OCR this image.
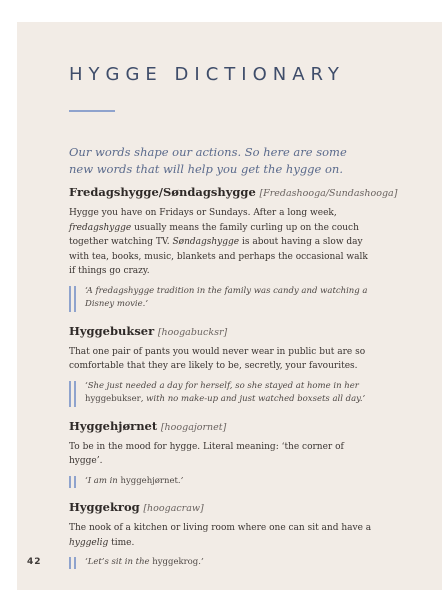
HYGGE DICTIONARY
Our words shape our actions. So here are some new words that will help you get the hygge on.
Fredagshygge/Søndagshygge [Fredashooga/Sundashooga]
Hygge you have on Fridays or Sundays. After a long week, fredagshygge usually means the family curling up on the couch together watching TV. Søndagshygge is about having a slow day with tea, books, music, blankets and perhaps the occasional walk if things go crazy.
‘A fredagshygge tradition in the family was candy and watching a Disney movie.’
Hyggebukser [hoogabucksr]
That one pair of pants you would never wear in public but are so comfortable that they are likely to be, secretly, your favourites.
‘She just needed a day for herself, so she stayed at home in her hyggebukser, with no make-up and just watched boxsets all day.’
Hyggehjørnet [hoogajornet]
To be in the mood for hygge. Literal meaning: ‘the corner of hygge’.
‘I am in hyggehjørnet.’
Hyggekrog [hoogacraw]
The nook of a kitchen or living room where one can sit and have a hyggelig time.
‘Let’s sit in the hyggekrog.’
42
